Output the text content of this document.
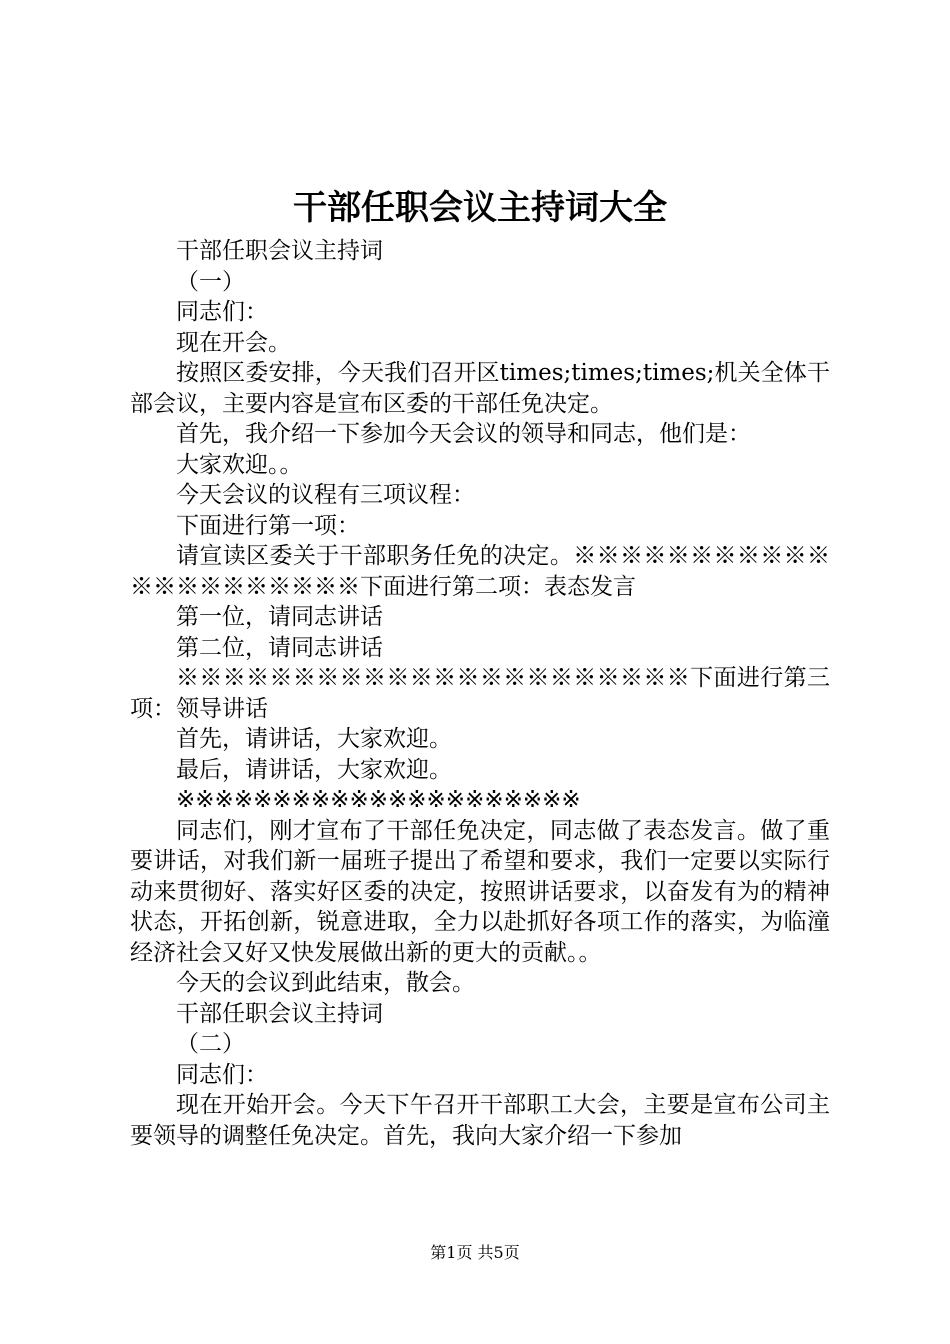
干部任职会议主持词大全

干部任职会议主持词

（一）

同志们：

现在开会。

按照区委安排，今天我们召开区times;times;times;机关全体干部会议，主要内容是宣布区委的干部任免决定。

首先，我介绍一下参加今天会议的领导和同志，他们是：

大家欢迎。。

今天会议的议程有三项议程：

下面进行第一项：

请宣读区委关于干部职务任免的决定。※※※※※※※※※※※※※※※※※※※※※下面进行第二项：表态发言

第一位，请同志讲话

第二位，请同志讲话

※※※※※※※※※※※※※※※※※※※※※※下面进行第三项：领导讲话

首先，请讲话，大家欢迎。

最后，请讲话，大家欢迎。

※※※※※※※※※※※※※※※※※※※※※

同志们，刚才宣布了干部任免决定，同志做了表态发言。做了重要讲话，对我们新一届班子提出了希望和要求，我们一定要以实际行动来贯彻好、落实好区委的决定，按照讲话要求，以奋发有为的精神状态，开拓创新，锐意进取，全力以赴抓好各项工作的落实，为临潼经济社会又好又快发展做出新的更大的贡献。。

今天的会议到此结束，散会。

干部任职会议主持词

（二）

同志们：

现在开始开会。今天下午召开干部职工大会，主要是宣布公司主要领导的调整任免决定。首先，我向大家介绍一下参加

第1页 共5页
